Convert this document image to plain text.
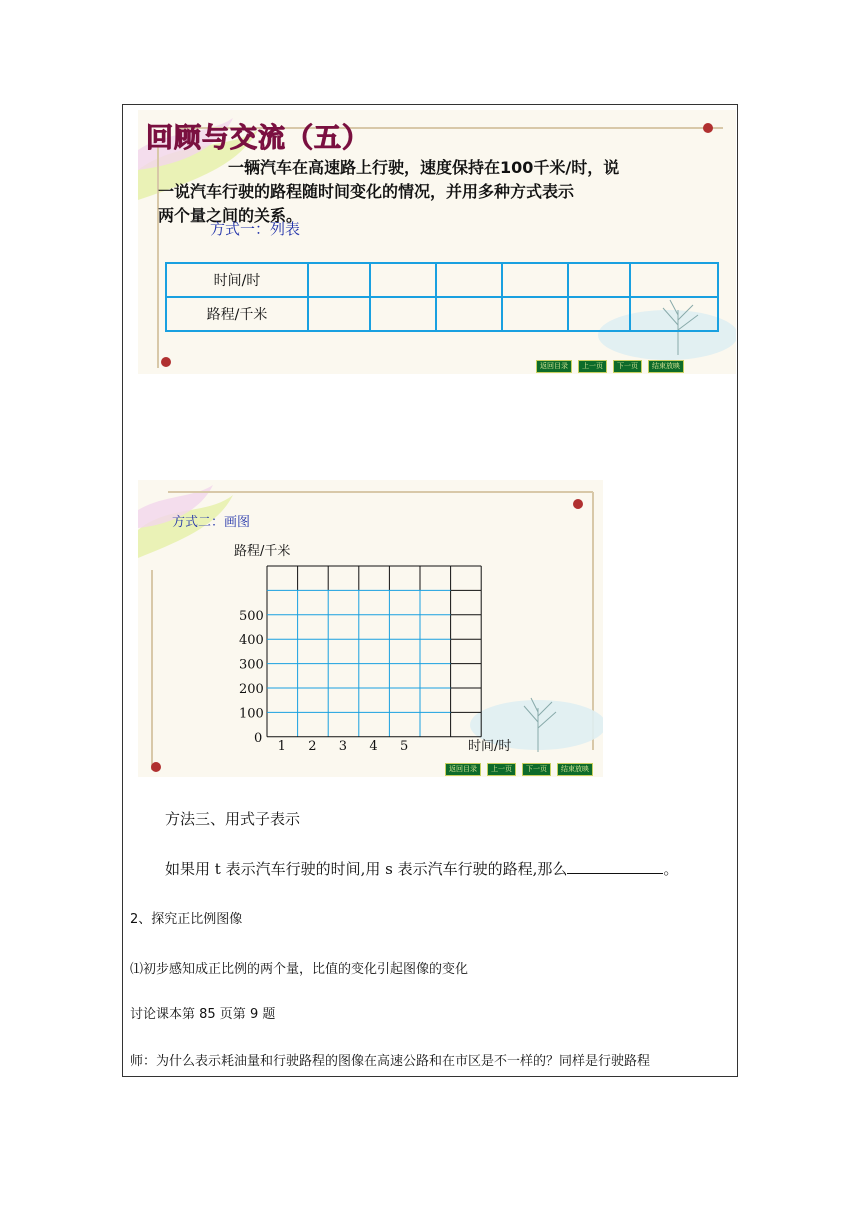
回顾与交流（五）
一辆汽车在高速路上行驶，速度保持在100千米/时，说
一说汽车行驶的路程随时间变化的情况，并用多种方式表示
两个量之间的关系。
方式一：列表
时间/时						
路程/千米						
返回目录	上一页	下一页	结束放映
方式二：画图
路程/千米
500
400
300
200
100
0
1 2 3 4 5	时间/时
返回目录	上一页	下一页	结束放映
方法三、用式子表示
如果用 t 表示汽车行驶的时间,用 s 表示汽车行驶的路程,那么	。
2、探究正比例图像
⑴初步感知成正比例的两个量，比值的变化引起图像的变化
讨论课本第 85 页第 9 题
师：为什么表示耗油量和行驶路程的图像在高速公路和在市区是不一样的？同样是行驶路程
